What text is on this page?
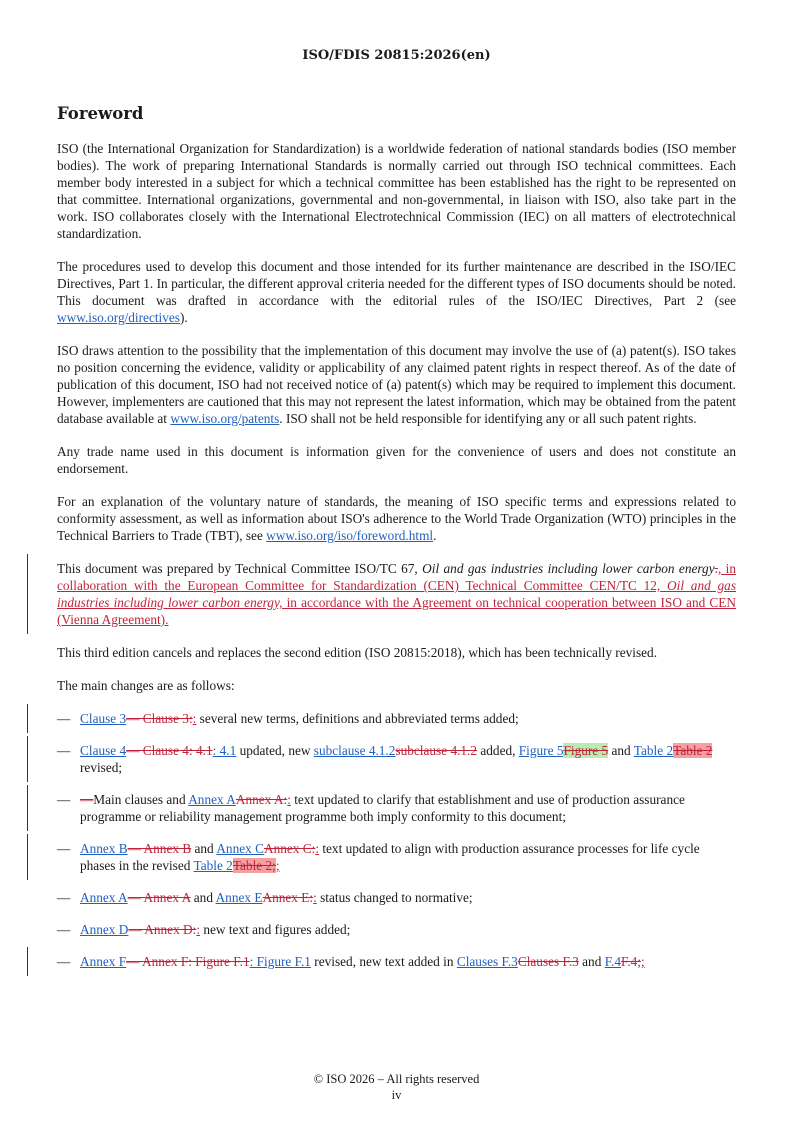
ISO/FDIS 20815:2026(en)
Foreword

ISO (the International Organization for Standardization) is a worldwide federation of national standards bodies (ISO member bodies). The work of preparing International Standards is normally carried out through ISO technical committees. Each member body interested in a subject for which a technical committee has been established has the right to be represented on that committee. International organizations, governmental and non-governmental, in liaison with ISO, also take part in the work. ISO collaborates closely with the International Electrotechnical Commission (IEC) on all matters of electrotechnical standardization.

The procedures used to develop this document and those intended for its further maintenance are described in the ISO/IEC Directives, Part 1. In particular, the different approval criteria needed for the different types of ISO documents should be noted. This document was drafted in accordance with the editorial rules of the ISO/IEC Directives, Part 2 (see www.iso.org/directives).

ISO draws attention to the possibility that the implementation of this document may involve the use of (a) patent(s). ISO takes no position concerning the evidence, validity or applicability of any claimed patent rights in respect thereof. As of the date of publication of this document, ISO had not received notice of (a) patent(s) which may be required to implement this document. However, implementers are cautioned that this may not represent the latest information, which may be obtained from the patent database available at www.iso.org/patents. ISO shall not be held responsible for identifying any or all such patent rights.

Any trade name used in this document is information given for the convenience of users and does not constitute an endorsement.

For an explanation of the voluntary nature of standards, the meaning of ISO specific terms and expressions related to conformity assessment, as well as information about ISO's adherence to the World Trade Organization (WTO) principles in the Technical Barriers to Trade (TBT), see www.iso.org/iso/foreword.html.

This document was prepared by Technical Committee ISO/TC 67, Oil and gas industries including lower carbon energy., in collaboration with the European Committee for Standardization (CEN) Technical Committee CEN/TC 12, Oil and gas industries including lower carbon energy, in accordance with the Agreement on technical cooperation between ISO and CEN (Vienna Agreement).

This third edition cancels and replaces the second edition (ISO 20815:2018), which has been technically revised.

The main changes are as follows:

— Clause 3— Clause 3:: several new terms, definitions and abbreviated terms added;
— Clause 4— Clause 4: 4.1: 4.1 updated, new subclause 4.1.2subclause 4.1.2 added, Figure 5Figure 5 and Table 2Table 2 revised;
— —Main clauses and Annex AAnnex A:: text updated to clarify that establishment and use of production assurance programme or reliability management programme both imply conformity to this document;
— Annex B— Annex B and Annex CAnnex C:: text updated to align with production assurance processes for life cycle phases in the revised Table 2Table 2;;
— Annex A— Annex A and Annex EAnnex E:: status changed to normative;
— Annex D— Annex D:: new text and figures added;
— Annex F— Annex F: Figure F.1: Figure F.1 revised, new text added in Clauses F.3Clauses F.3 and F.4F.4;;
© ISO 2026 – All rights reserved
iv
